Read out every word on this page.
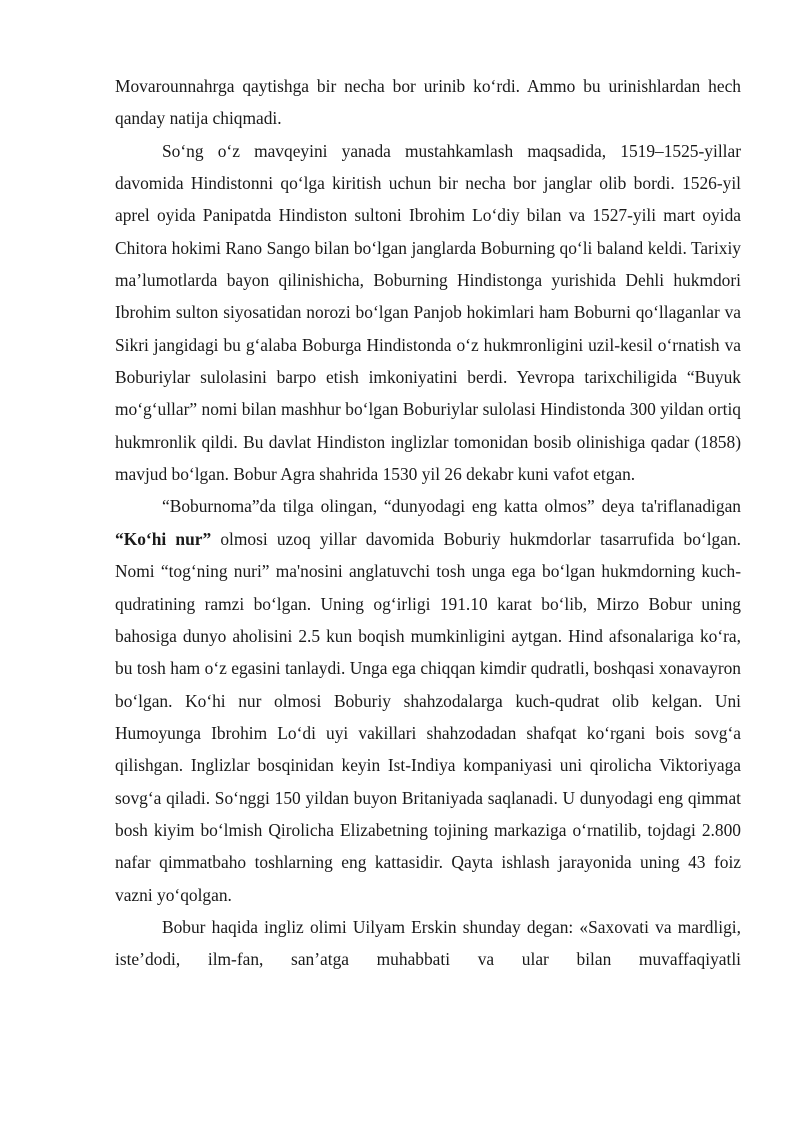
Movarounnahrga qaytishga bir necha bor urinib ko‘rdi. Ammo bu urinishlardan hech qanday natija chiqmadi.

So‘ng o‘z mavqeyini yanada mustahkamlash maqsadida, 1519–1525-yillar davomida Hindistonni qo‘lga kiritish uchun bir necha bor janglar olib bordi. 1526-yil aprel oyida Panipatda Hindiston sultoni Ibrohim Lo‘diy bilan va 1527-yili mart oyida Chitora hokimi Rano Sango bilan bo‘lgan janglarda Boburning qo‘li baland keldi. Tarixiy ma’lumotlarda bayon qilinishicha, Boburning Hindistonga yurishida Dehli hukmdori Ibrohim sulton siyosatidan norozi bo‘lgan Panjob hokimlari ham Boburni qo‘llaganlar va Sikri jangidagi bu g‘alaba Boburga Hindistonda o‘z hukmronligini uzil-kesil o‘rnatish va Boburiylar sulolasini barpo etish imkoniyatini berdi. Yevropa tarixchiligida “Buyuk mo‘g‘ullar” nomi bilan mashhur bo‘lgan Boburiylar sulolasi Hindistonda 300 yildan ortiq hukmronlik qildi. Bu davlat Hindiston inglizlar tomonidan bosib olinishiga qadar (1858) mavjud bo‘lgan. Bobur Agra shahrida 1530 yil 26 dekabr kuni vafot etgan.

“Boburnoma”da tilga olingan, “dunyodagi eng katta olmos” deya ta'riflanadigan “Ko‘hi nur” olmosi uzoq yillar davomida Boburiy hukmdorlar tasarrufida bo‘lgan. Nomi “tog‘ning nuri” ma'nosini anglatuvchi tosh unga ega bo‘lgan hukmdorning kuch-qudratining ramzi bo‘lgan. Uning og‘irligi 191.10 karat bo‘lib, Mirzo Bobur uning bahosiga dunyo aholisini 2.5 kun boqish mumkinligini aytgan. Hind afsonalariga ko‘ra, bu tosh ham o‘z egasini tanlaydi. Unga ega chiqqan kimdir qudratli, boshqasi xonavayron bo‘lgan. Ko‘hi nur olmosi Boburiy shahzodalarga kuch-qudrat olib kelgan. Uni Humoyunga Ibrohim Lo‘di uyi vakillari shahzodadan shafqat ko‘rgani bois sovg‘a qilishgan. Inglizlar bosqinidan keyin Ist-Indiya kompaniyasi uni qirolicha Viktoriyaga sovg‘a qiladi. So‘nggi 150 yildan buyon Britaniyada saqlanadi. U dunyodagi eng qimmat bosh kiyim bo‘lmish Qirolicha Elizabetning tojining markaziga o‘rnatilib, tojdagi 2.800 nafar qimmatbaho toshlarning eng kattasidir. Qayta ishlash jarayonida uning 43 foiz vazni yo‘qolgan.

Bobur haqida ingliz olimi Uilyam Erskin shunday degan: «Saxovati va mardligi, iste’dodi, ilm-fan, san’atga muhabbati va ular bilan muvaffaqiyatli
